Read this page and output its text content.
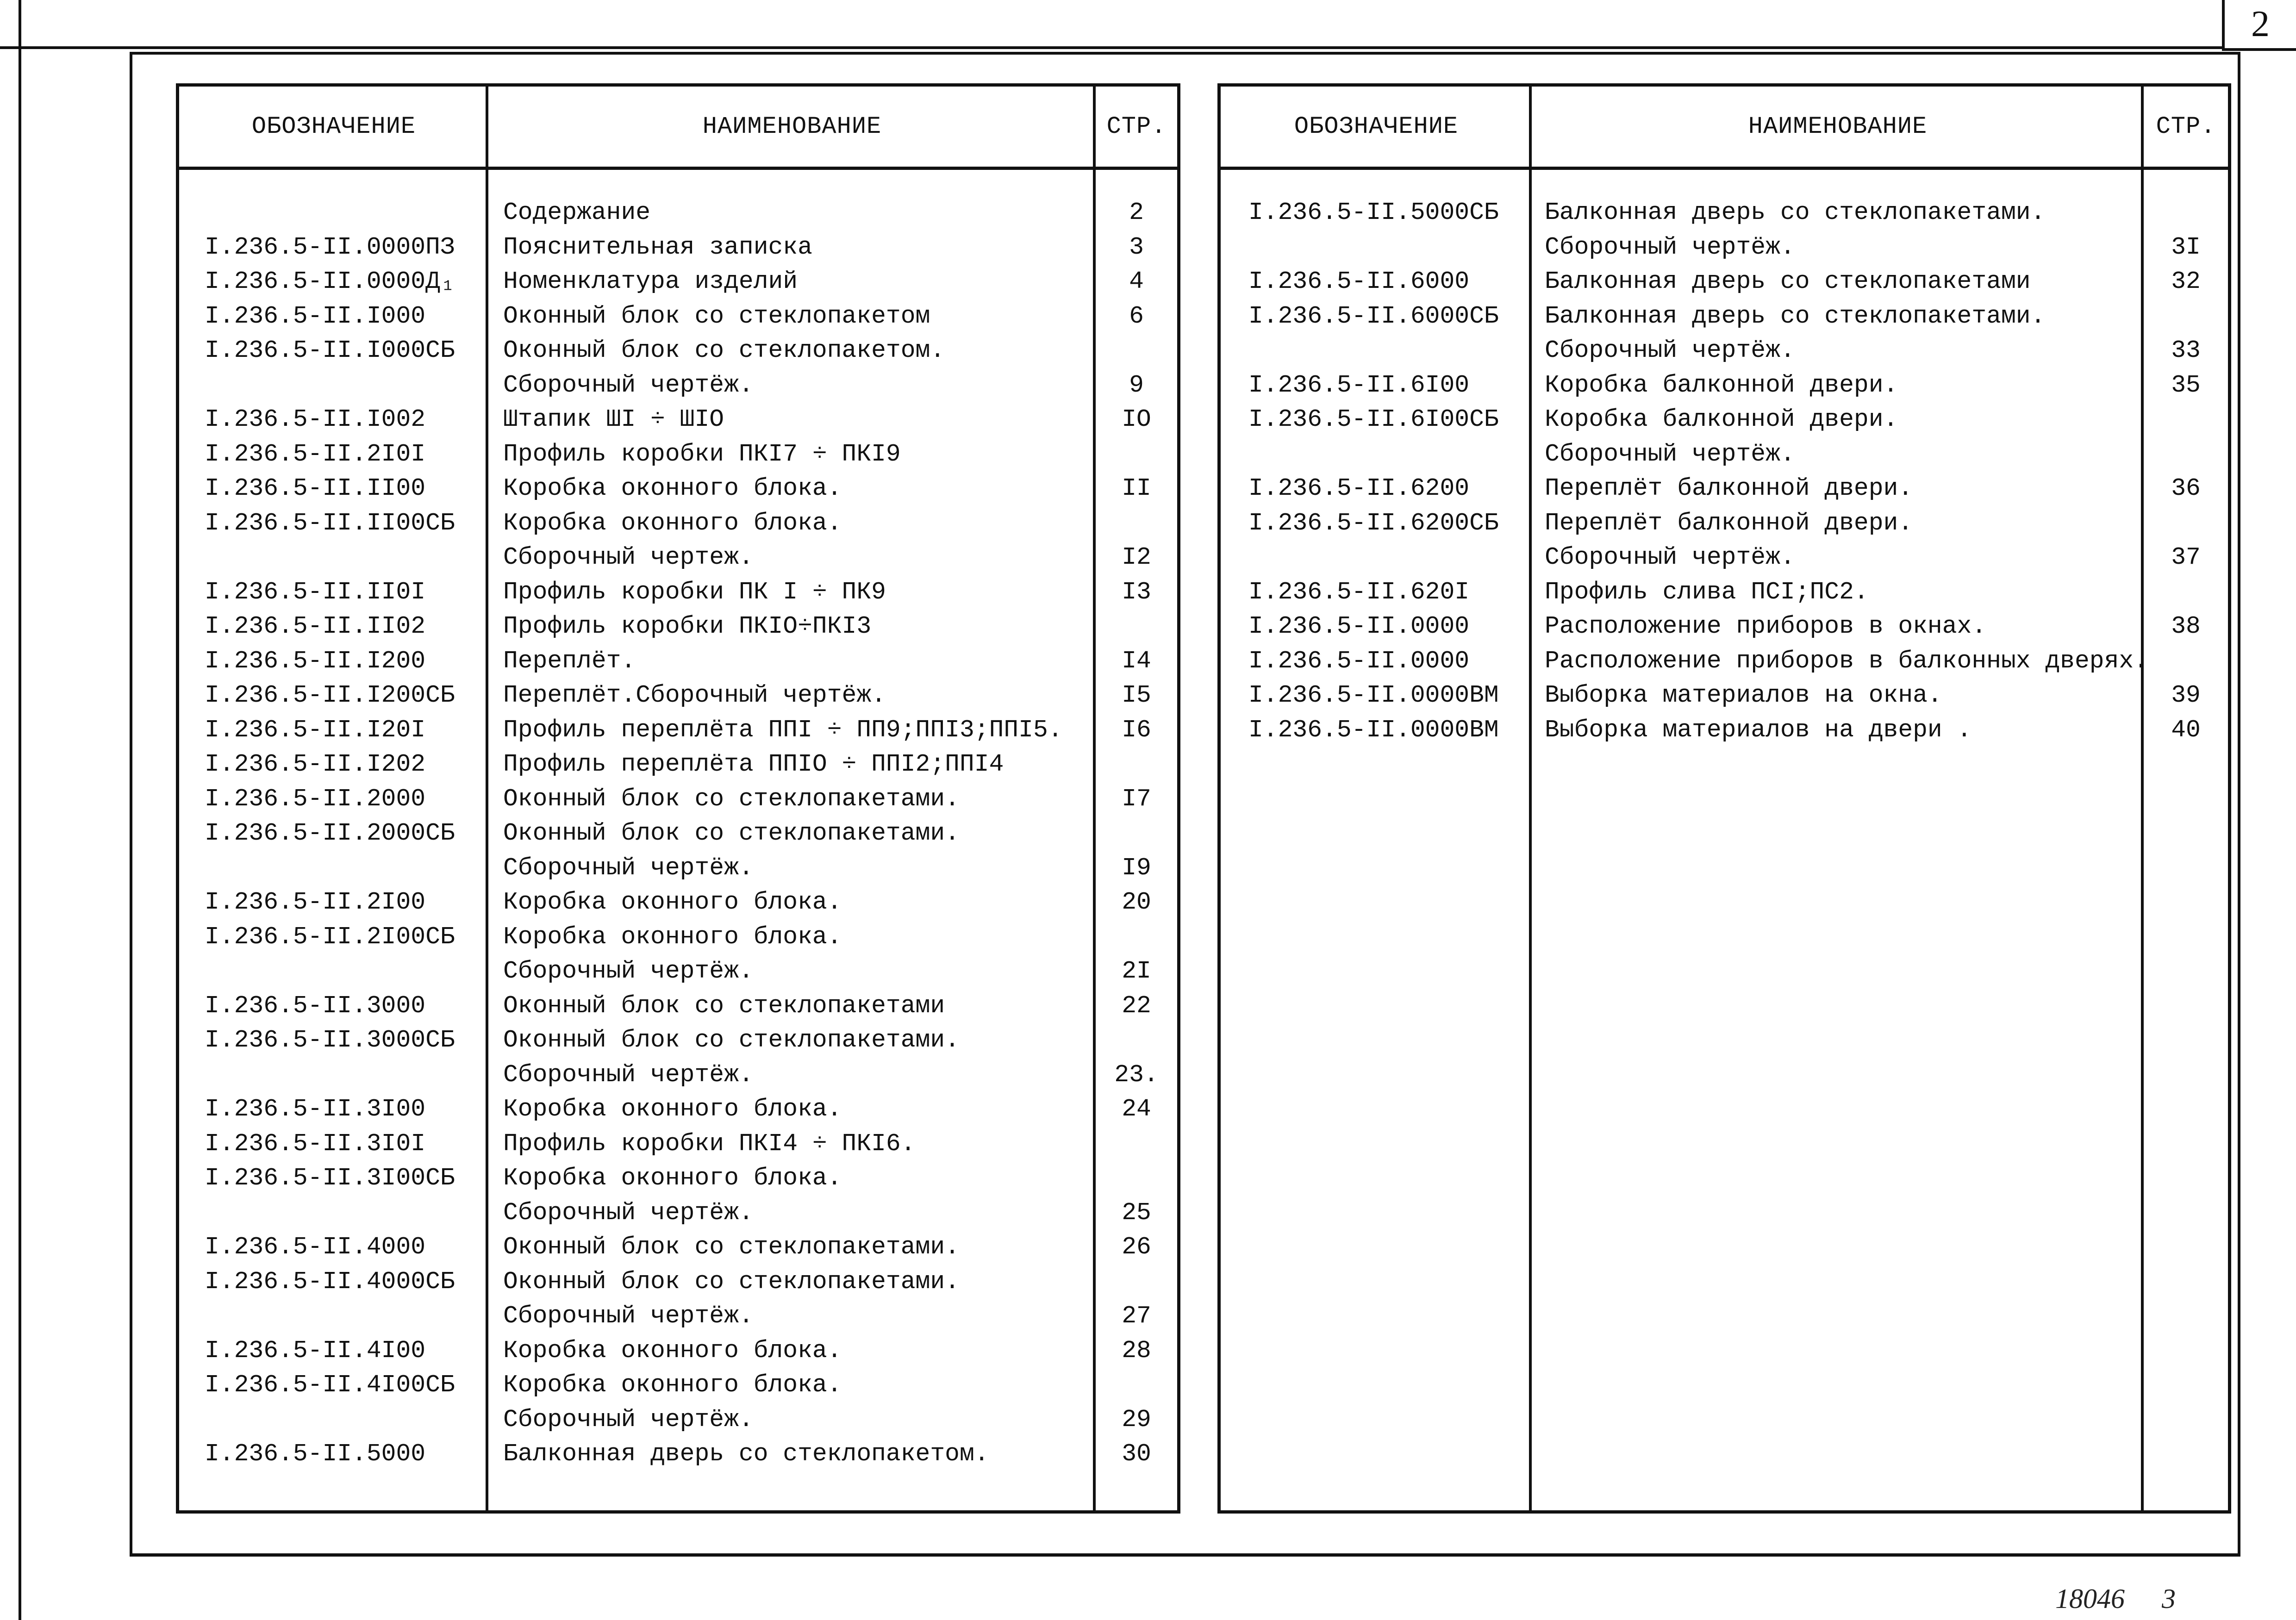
2
ОБОЗНАЧЕНИЕ	НАИМЕНОВАНИЕ	СТР.
Содержание	2
I.236.5-II.0000ПЗ	Пояснительная записка	3
I.236.5-II.0000Д₁	Номенклатура изделий	4
I.236.5-II.I000	Оконный блок со стеклопакетом	6
I.236.5-II.I000СБ	Оконный блок со стеклопакетом.
Сборочный чертёж.	9
I.236.5-II.I002	Штапик ШI ÷ ШIO	IO
I.236.5-II.2I0I	Профиль коробки ПКI7 ÷ ПКI9
I.236.5-II.II00	Коробка оконного блока.	II
I.236.5-II.II00СБ	Коробка оконного блока.
Сборочный чертеж.	I2
I.236.5-II.II0I	Профиль коробки ПК I ÷ ПК9	I3
I.236.5-II.II02	Профиль коробки ПКIO÷ПКI3
I.236.5-II.I200	Переплёт.	I4
I.236.5-II.I200СБ	Переплёт.Сборочный чертёж.	I5
I.236.5-II.I20I	Профиль переплёта ППI ÷ ПП9;ППI3;ППI5.	I6
I.236.5-II.I202	Профиль переплёта ППIO ÷ ППI2;ППI4
I.236.5-II.2000	Оконный блок со стеклопакетами.	I7
I.236.5-II.2000СБ	Оконный блок со стеклопакетами.
Сборочный чертёж.	I9
I.236.5-II.2I00	Коробка оконного блока.	20
I.236.5-II.2I00СБ	Коробка оконного блока.
Сборочный чертёж.	2I
I.236.5-II.3000	Оконный блок со стеклопакетами	22
I.236.5-II.3000СБ	Оконный блок со стеклопакетами.
Сборочный чертёж.	23.
I.236.5-II.3I00	Коробка оконного блока.	24
I.236.5-II.3I0I	Профиль коробки ПКI4 ÷ ПКI6.
I.236.5-II.3I00СБ	Коробка оконного блока.
Сборочный чертёж.	25
I.236.5-II.4000	Оконный блок со стеклопакетами.	26
I.236.5-II.4000СБ	Оконный блок со стеклопакетами.
Сборочный чертёж.	27
I.236.5-II.4I00	Коробка оконного блока.	28
I.236.5-II.4I00СБ	Коробка оконного блока.
Сборочный чертёж.	29
I.236.5-II.5000	Балконная дверь со стеклопакетом.	30
ОБОЗНАЧЕНИЕ	НАИМЕНОВАНИЕ	СТР.
I.236.5-II.5000СБ	Балконная дверь со стеклопакетами.
Сборочный чертёж.	3I
I.236.5-II.6000	Балконная дверь со стеклопакетами	32
I.236.5-II.6000СБ	Балконная дверь со стеклопакетами.
Сборочный чертёж.	33
I.236.5-II.6I00	Коробка балконной двери.	35
I.236.5-II.6I00СБ	Коробка балконной двери.
Сборочный чертёж.
I.236.5-II.6200	Переплёт балконной двери.	36
I.236.5-II.6200СБ	Переплёт балконной двери.
Сборочный чертёж.	37
I.236.5-II.620I	Профиль слива ПСI;ПС2.
I.236.5-II.0000	Расположение приборов в окнах.	38
I.236.5-II.0000	Расположение приборов в балконных дверях.
I.236.5-II.0000ВМ	Выборка материалов на окна.	39
I.236.5-II.0000ВМ	Выборка материалов на двери .	40
18046 3
